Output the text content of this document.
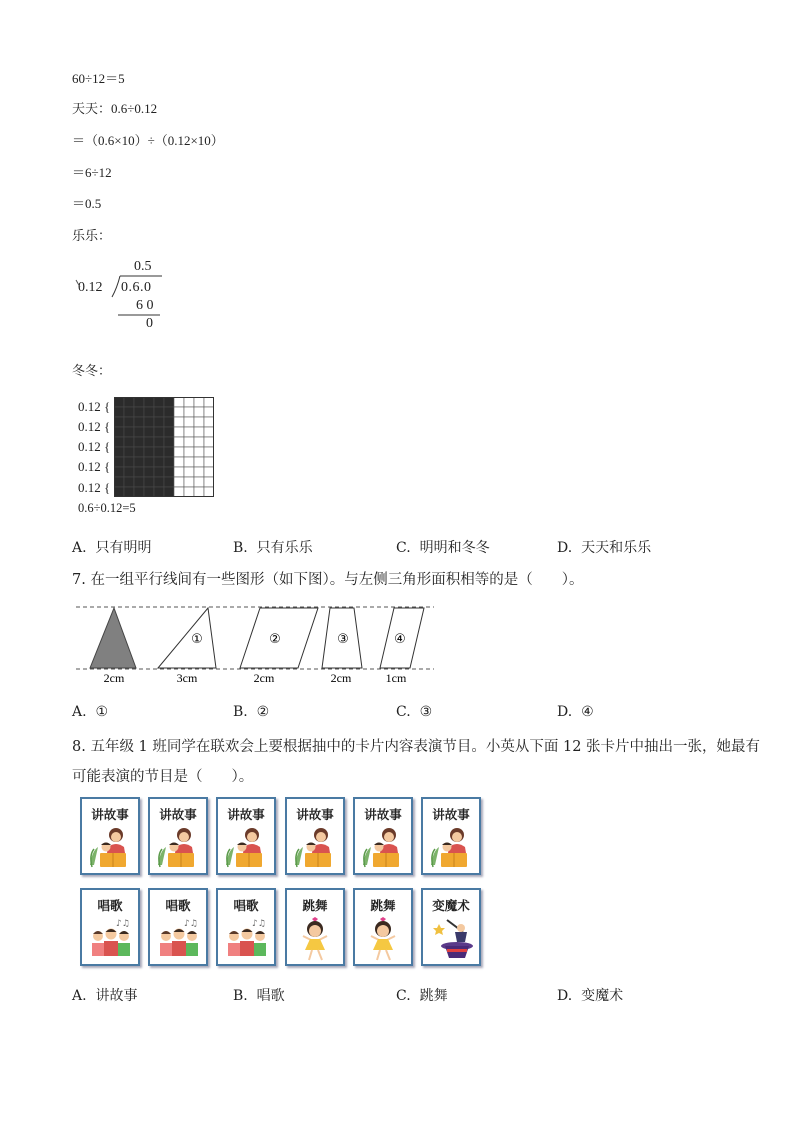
60÷12＝5
天天：0.6÷0.12
＝（0.6×10）÷（0.12×10）
＝6÷12
＝0.5
乐乐：
0.5
0.12 0.6.0
6 0
0
冬冬：
0.12 {
0.12 {
0.12 {
0.12 {
0.12 {
0.6÷0.12=5
A. 只有明明	B. 只有乐乐	C. 明明和冬冬	D. 天天和乐乐
7. 在一组平行线间有一些图形（如下图）。与左侧三角形面积相等的是（　　）。
①	②	③	④
2cm	3cm	2cm	2cm	1cm
A. ①	B. ②	C. ③	D. ④
8. 五年级 1 班同学在联欢会上要根据抽中的卡片内容表演节目。小英从下面 12 张卡片中抽出一张，她最有
可能表演的节目是（　　）。
讲故事	讲故事	讲故事	讲故事	讲故事	讲故事
唱歌	唱歌	唱歌	跳舞	跳舞	变魔术
A. 讲故事	B. 唱歌	C. 跳舞	D. 变魔术
